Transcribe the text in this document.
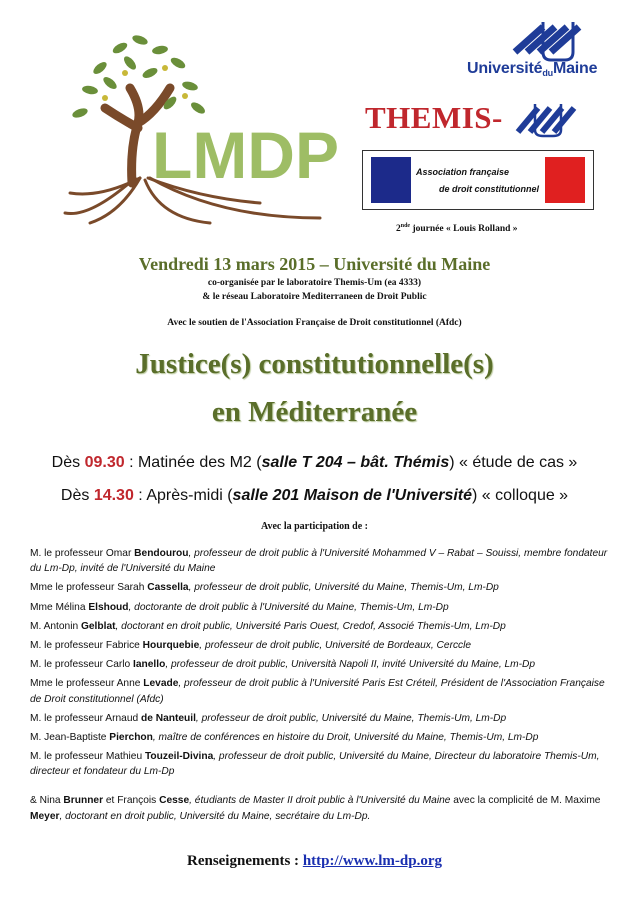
LMDP
UniversitéduMaine
THEMIS-
Association française
de droit constitutionnel
2nde journée « Louis Rolland »
Vendredi 13 mars 2015 – Université du Maine
co-organisée par le laboratoire Themis-Um (ea 4333)
& le réseau Laboratoire Mediterraneen de Droit Public
Avec le soutien de l'Association Française de Droit constitutionnel (Afdc)
Justice(s) constitutionnelle(s)
en Méditerranée
Dès 09.30 : Matinée des M2 (salle T 204 – bât. Thémis) « étude de cas »
Dès 14.30 : Après-midi (salle 201 Maison de l'Université) « colloque »
Avec la participation de :
M. le professeur Omar Bendourou, professeur de droit public à l'Université Mohammed V – Rabat – Souissi, membre fondateur du Lm-Dp, invité de l'Université du Maine
Mme le professeur Sarah Cassella, professeur de droit public, Université du Maine, Themis-Um, Lm-Dp
Mme Mélina Elshoud, doctorante de droit public à l'Université du Maine, Themis-Um, Lm-Dp
M. Antonin Gelblat, doctorant en droit public, Université Paris Ouest, Credof, Associé Themis-Um, Lm-Dp
M. le professeur Fabrice Hourquebie, professeur de droit public, Université de Bordeaux, Cerccle
M. le professeur Carlo Ianello, professeur de droit public, Università Napoli II, invité Université du Maine, Lm-Dp
Mme le professeur Anne Levade, professeur de droit public à l'Université Paris Est Créteil, Président de l'Association Française de Droit constitutionnel (Afdc)
M. le professeur Arnaud de Nanteuil, professeur de droit public, Université du Maine, Themis-Um, Lm-Dp
M. Jean-Baptiste Pierchon, maître de conférences en histoire du Droit, Université du Maine, Themis-Um, Lm-Dp
M. le professeur Mathieu Touzeil-Divina, professeur de droit public, Université du Maine, Directeur du laboratoire Themis-Um, directeur et fondateur du Lm-Dp
& Nina Brunner et François Cesse, étudiants de Master II droit public à l'Université du Maine avec la complicité de M. Maxime Meyer, doctorant en droit public, Université du Maine, secrétaire du Lm-Dp.
Renseignements : http://www.lm-dp.org
